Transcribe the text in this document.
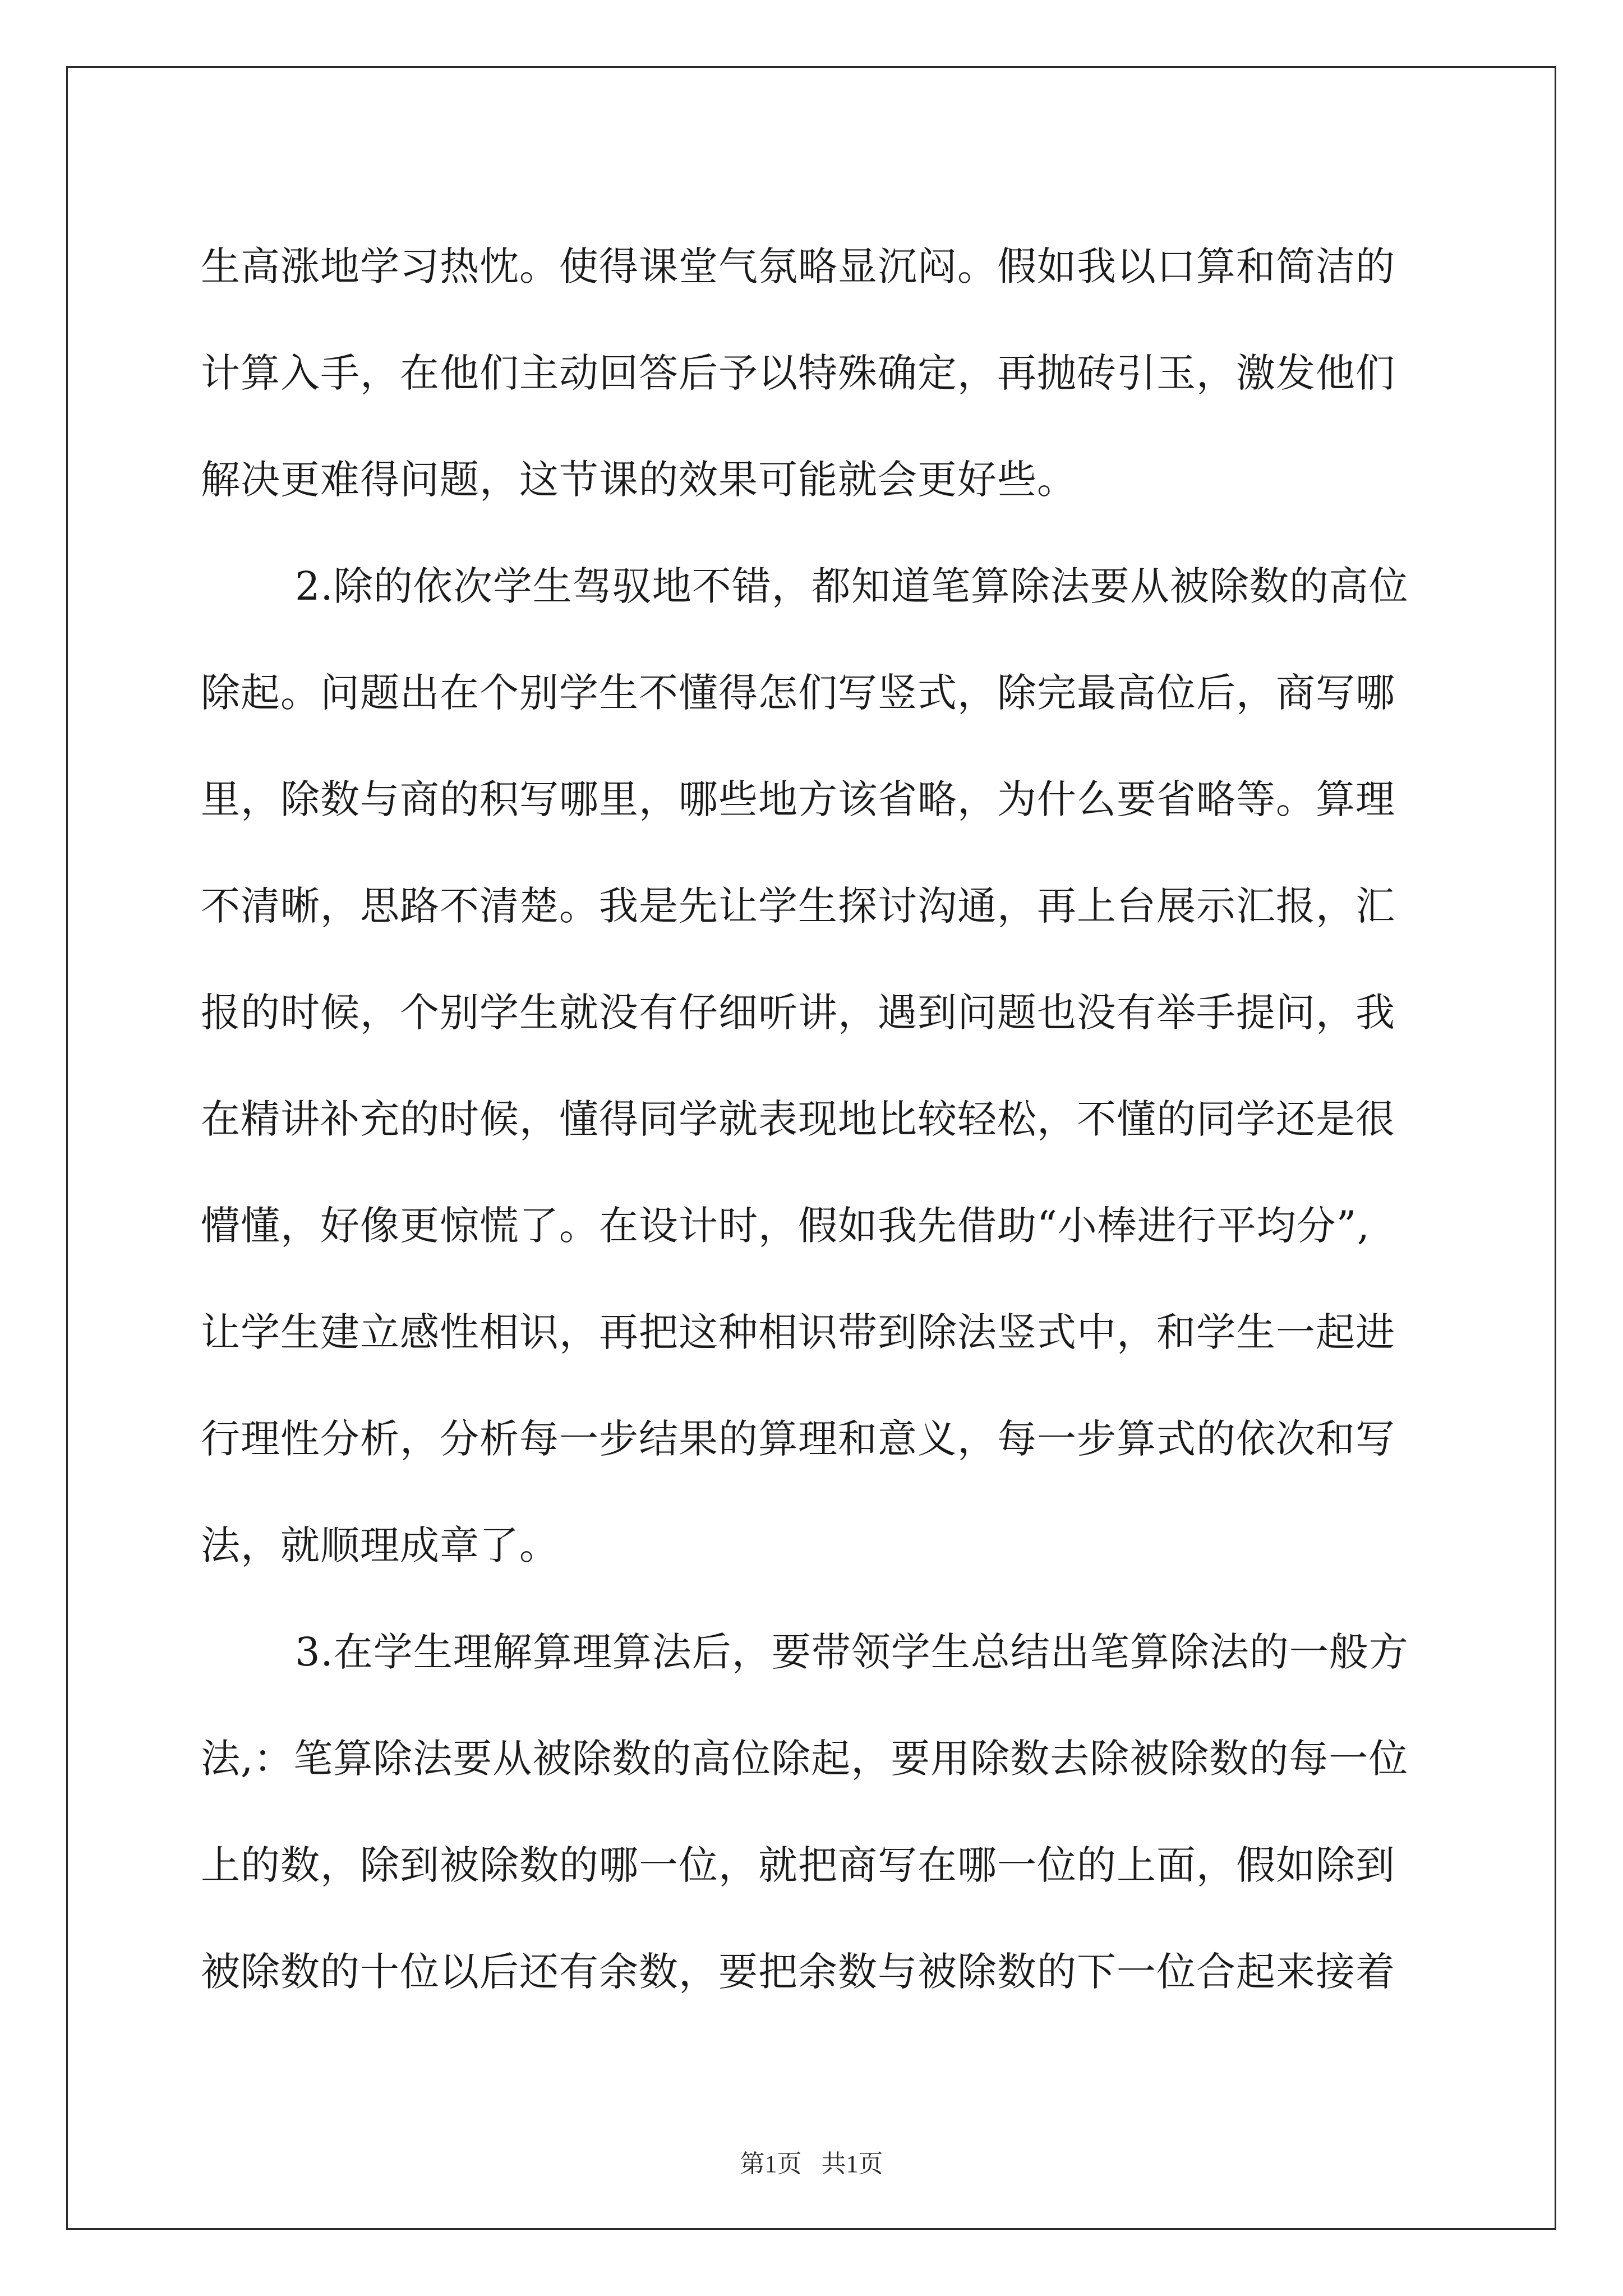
生高涨地学习热忱。使得课堂气氛略显沉闷。假如我以口算和简洁的
计算入手，在他们主动回答后予以特殊确定，再抛砖引玉，激发他们
解决更难得问题，这节课的效果可能就会更好些。
2.除的依次学生驾驭地不错，都知道笔算除法要从被除数的高位
除起。问题出在个别学生不懂得怎们写竖式，除完最高位后，商写哪
里，除数与商的积写哪里，哪些地方该省略，为什么要省略等。算理
不清晰，思路不清楚。我是先让学生探讨沟通，再上台展示汇报，汇
报的时候，个别学生就没有仔细听讲，遇到问题也没有举手提问，我
在精讲补充的时候，懂得同学就表现地比较轻松，不懂的同学还是很
懵懂，好像更惊慌了。在设计时，假如我先借助“小棒进行平均分”,
让学生建立感性相识，再把这种相识带到除法竖式中，和学生一起进
行理性分析，分析每一步结果的算理和意义，每一步算式的依次和写
法，就顺理成章了。
3.在学生理解算理算法后，要带领学生总结出笔算除法的一般方
法,：笔算除法要从被除数的高位除起，要用除数去除被除数的每一位
上的数，除到被除数的哪一位，就把商写在哪一位的上面，假如除到
被除数的十位以后还有余数，要把余数与被除数的下一位合起来接着
第1页 共1页
